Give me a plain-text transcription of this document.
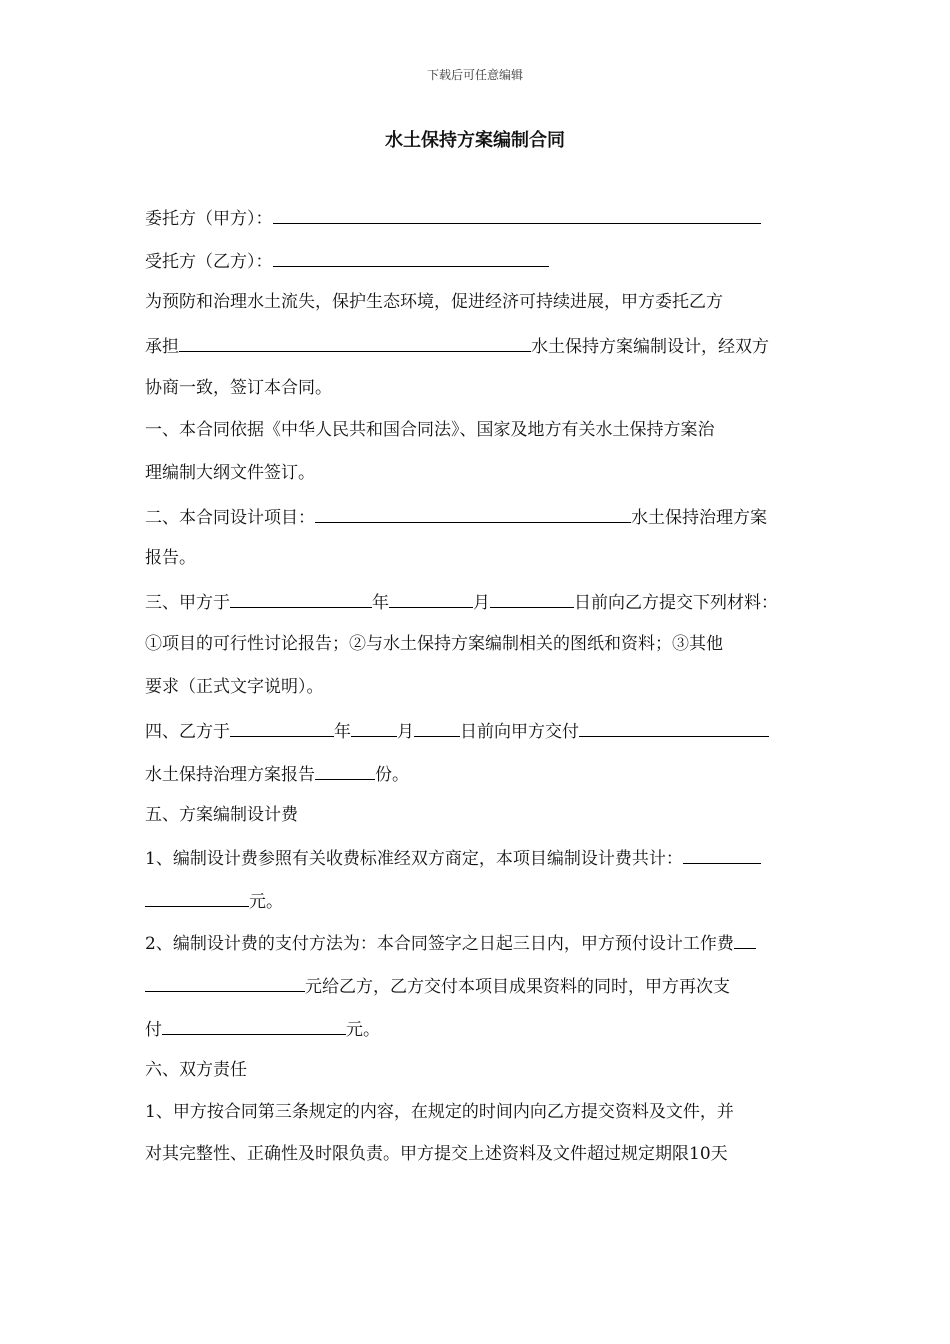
下载后可任意编辑
水土保持方案编制合同
委托方（甲方）：
受托方（乙方）：
为预防和治理水土流失，保护生态环境，促进经济可持续进展，甲方委托乙方
承担	水土保持方案编制设计，经双方
协商一致，签订本合同。
一、本合同依据《中华人民共和国合同法》、国家及地方有关水土保持方案治
理编制大纲文件签订。
二、本合同设计项目：	水土保持治理方案
报告。
三、甲方于	年	月	日前向乙方提交下列材料：
①项目的可行性讨论报告；②与水土保持方案编制相关的图纸和资料；③其他
要求（正式文字说明）。
四、乙方于	年	月	日前向甲方交付
水土保持治理方案报告	份。
五、方案编制设计费
1、编制设计费参照有关收费标准经双方商定，本项目编制设计费共计：
元。
2、编制设计费的支付方法为：本合同签字之日起三日内，甲方预付设计工作费
元给乙方，乙方交付本项目成果资料的同时，甲方再次支
付	元。
六、双方责任
1、甲方按合同第三条规定的内容，在规定的时间内向乙方提交资料及文件，并
对其完整性、正确性及时限负责。甲方提交上述资料及文件超过规定期限10天
